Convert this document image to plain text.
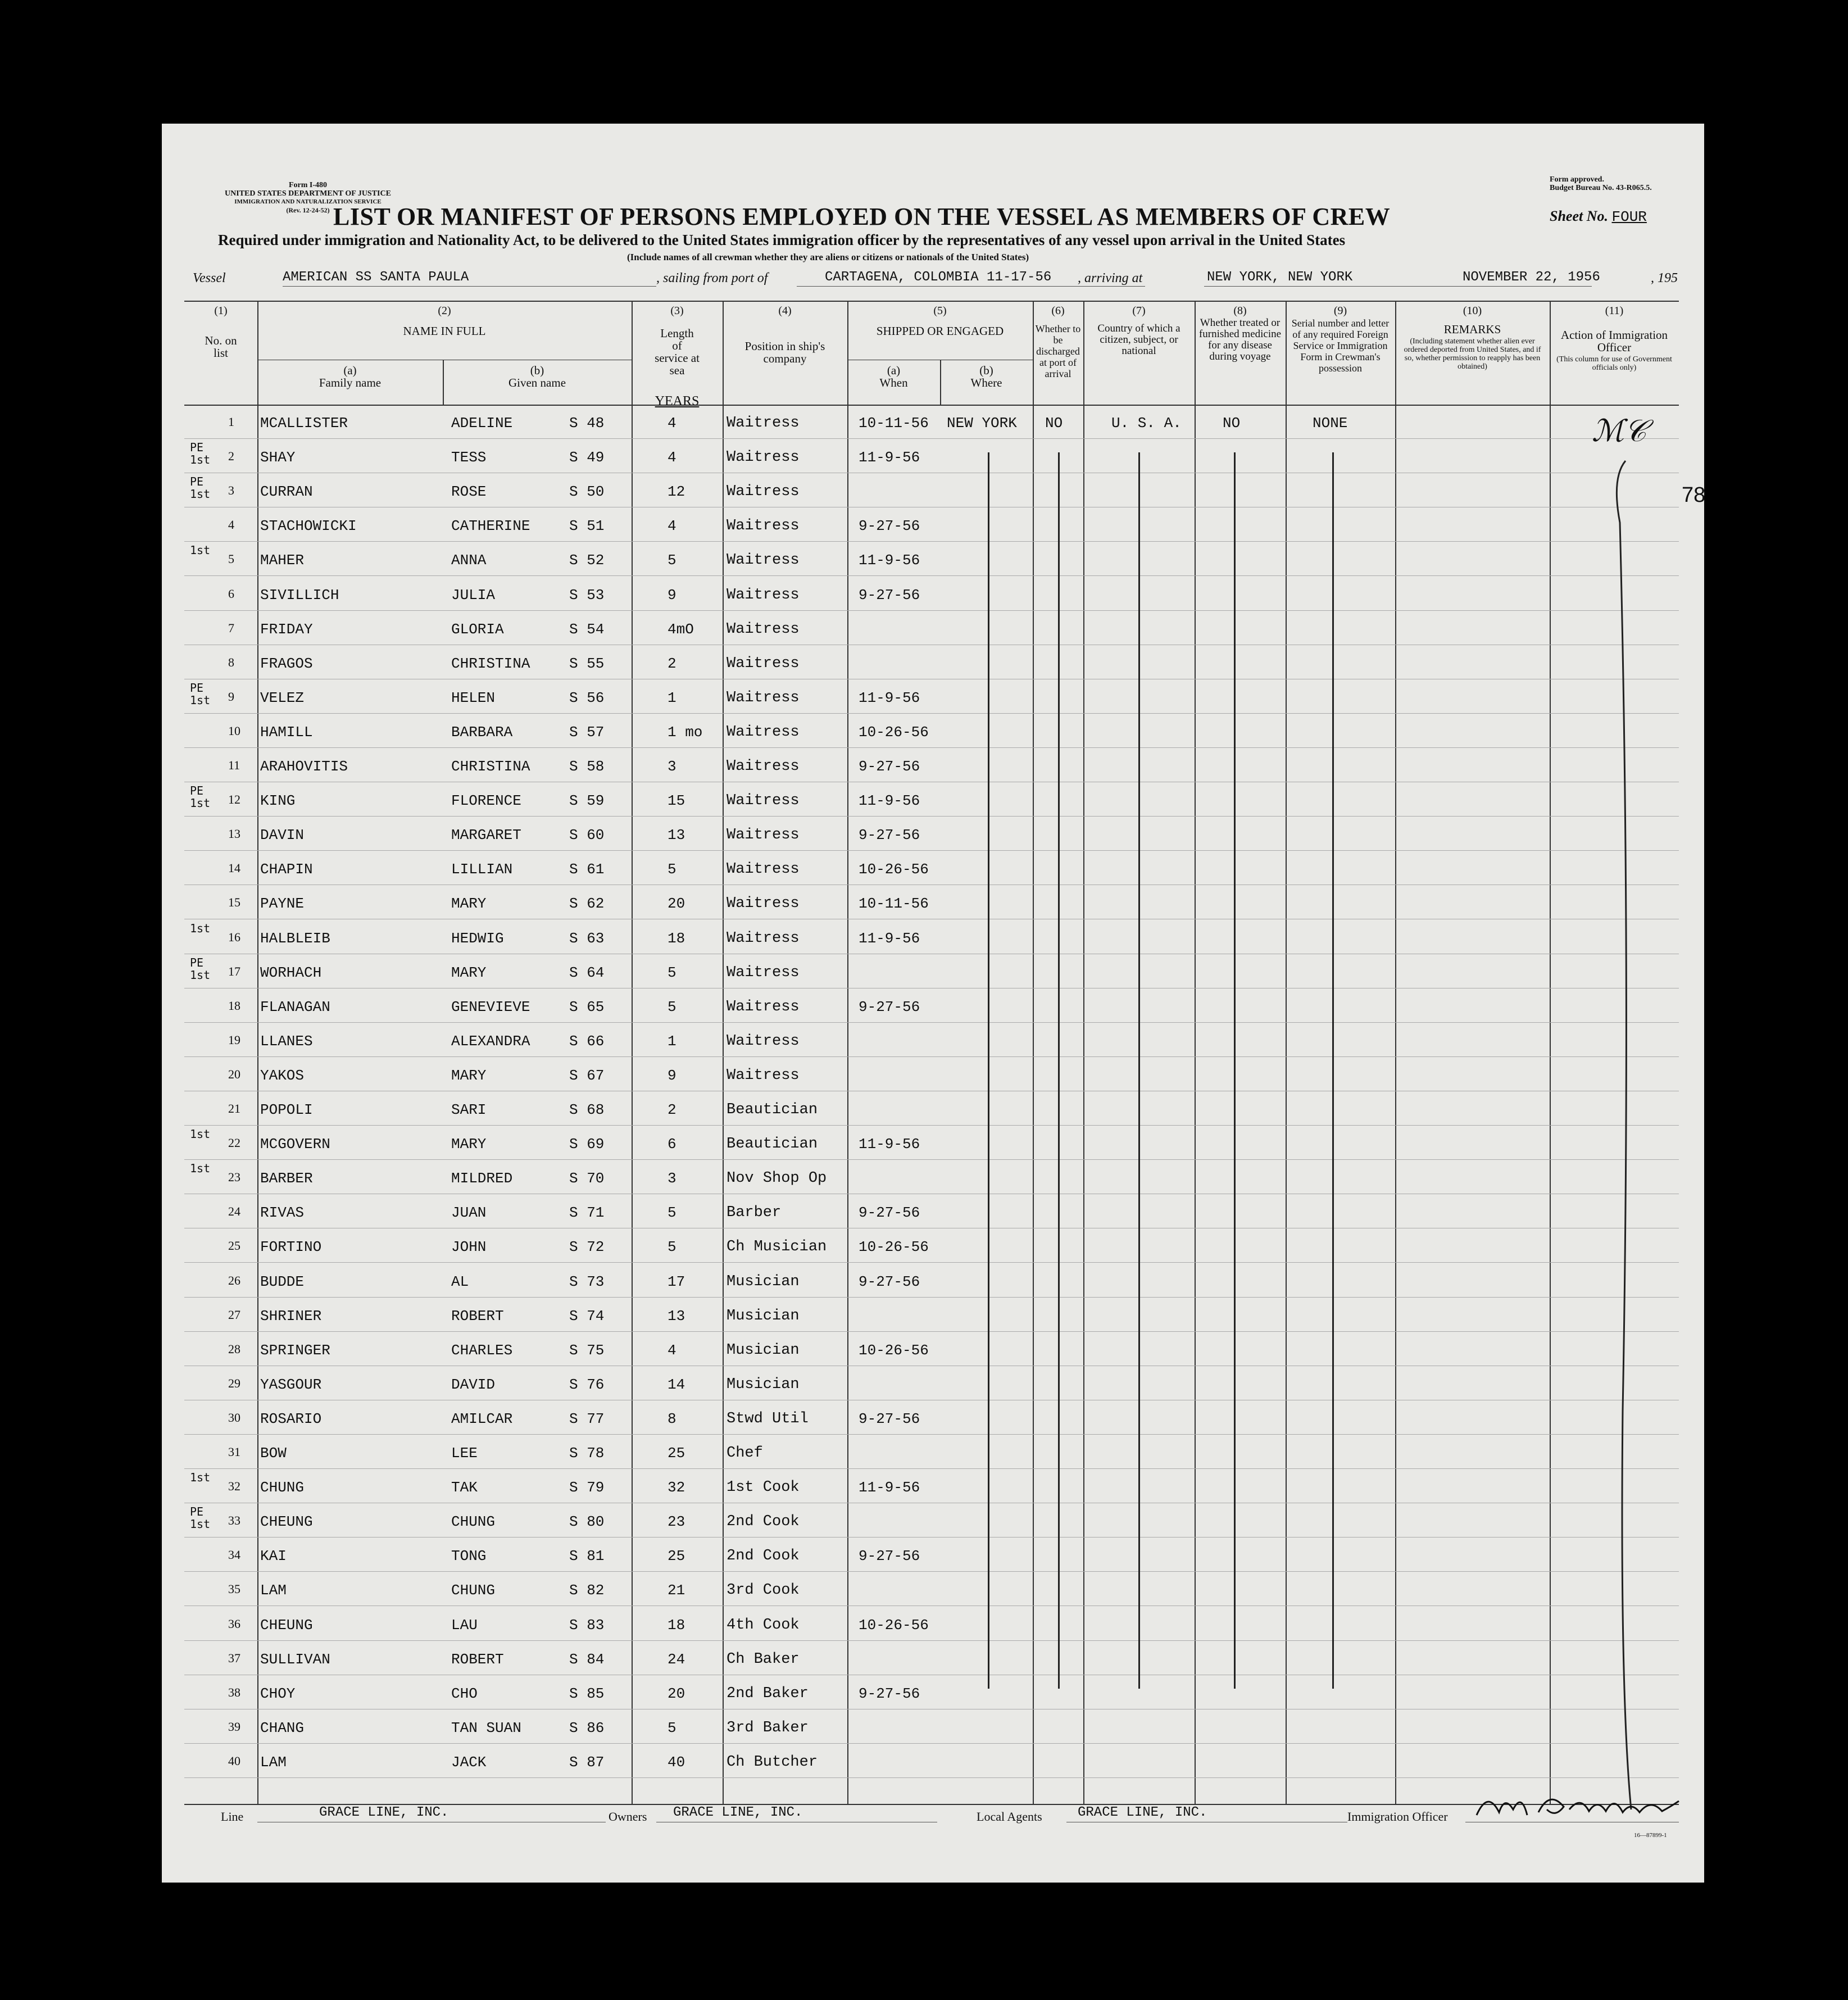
Form I-480
UNITED STATES DEPARTMENT OF JUSTICE
IMMIGRATION AND NATURALIZATION SERVICE
(Rev. 12-24-52)
Form approved.
Budget Bureau No. 43-R065.5.
LIST OR MANIFEST OF PERSONS EMPLOYED ON THE VESSEL AS MEMBERS OF CREW	Sheet No. FOUR
Required under immigration and Nationality Act, to be delivered to the United States immigration officer by the representatives of any vessel upon arrival in the United States
(Include names of all crewman whether they are aliens or citizens or nationals of the United States)
Vessel	AMERICAN SS SANTA PAULA	, sailing from port of	CARTAGENA, COLOMBIA 11-17-56 , arriving at	NEW YORK, NEW YORK	NOVEMBER 22, 1956	, 195
(1)
No. on list
(2)
NAME IN FULL
(a)
Family name
(b)
Given name
(3)
Length of service at sea
YEARS
(4)
Position in ship's company
(5)
SHIPPED OR ENGAGED
(a)
When
(b)
Where
(6)
Whether to be discharged at port of arrival
(7)
Country of which a citizen, subject, or national
(8)
Whether treated or furnished medicine for any disease during voyage
(9)
Serial number and letter of any required Foreign Service or Immigration Form in Crewman's possession
(10)
REMARKS
(Including statement whether alien ever ordered deported from United States, and if so, whether permission to reapply has been obtained)
(11)
Action of Immigration Officer
(This column for use of Government officials only)
1 MCALLISTER	ADELINE	S 48	4	Waitress	10-11-56 NEW YORK NO	U. S. A.	NO	NONE
PE 1st	2 SHAY	TESS	S 49	4	Waitress	11-9-56
PE 1st	3 CURRAN	ROSE	S 50	12	Waitress
4 STACHOWICKI	CATHERINE	S 51	4	Waitress	9-27-56
1st
5 MAHER	ANNA	S 52	5	Waitress	11-9-56
6 SIVILLICH	JULIA	S 53	9	Waitress	9-27-56
7 FRIDAY	GLORIA	S 54	4mO Waitress
8 FRAGOS	CHRISTINA	S 55	2	Waitress
PE 1st	9 VELEZ	HELEN	S 56	1	Waitress	11-9-56
10 HAMILL	BARBARA	S 57	1 mo Waitress	10-26-56
11 ARAHOVITIS	CHRISTINA	S 58	3	Waitress	9-27-56
PE 1st	12 KING	FLORENCE	S 59	15	Waitress	11-9-56
13 DAVIN	MARGARET	S 60	13	Waitress	9-27-56
14 CHAPIN	LILLIAN	S 61	5	Waitress	10-26-56
15 PAYNE	MARY	S 62	20	Waitress	10-11-56
1st
16 HALBLEIB	HEDWIG	S 63	18	Waitress	11-9-56
PE 1st	17 WORHACH	MARY	S 64	5	Waitress
18 FLANAGAN	GENEVIEVE	S 65	5	Waitress	9-27-56
19 LLANES	ALEXANDRA	S 66	1	Waitress
20 YAKOS	MARY	S 67	9	Waitress
21 POPOLI	SARI	S 68	2	Beautician
1st
22 MCGOVERN	MARY	S 69	6	Beautician	11-9-56
1st
23 BARBER	MILDRED	S 70	3	Nov Shop Op
24 RIVAS	JUAN	S 71	5	Barber	9-27-56
25 FORTINO	JOHN	S 72	5	Ch Musician 10-26-56
26 BUDDE	AL	S 73	17	Musician	9-27-56
27 SHRINER	ROBERT	S 74	13	Musician
28 SPRINGER	CHARLES	S 75	4	Musician	10-26-56
29 YASGOUR	DAVID	S 76	14	Musician
30 ROSARIO	AMILCAR	S 77	8	Stwd Util	9-27-56
31 BOW	LEE	S 78	25	Chef
1st
32 CHUNG	TAK	S 79	32	1st Cook	11-9-56
PE 1st	33 CHEUNG	CHUNG	S 80	23	2nd Cook
34 KAI	TONG	S 81	25	2nd Cook	9-27-56
35 LAM	CHUNG	S 82	21	3rd Cook
36 CHEUNG	LAU	S 83	18	4th Cook	10-26-56
37 SULLIVAN	ROBERT	S 84	24	Ch Baker
38 CHOY	CHO	S 85	20	2nd Baker	9-27-56
39 CHANG	TAN SUAN	S 86	5	3rd Baker
40 LAM	JACK	S 87	40	Ch Butcher
ℳ𝒞
78
Line	GRACE LINE, INC.	Owners GRACE LINE, INC.	Local Agents	GRACE LINE, INC.	Immigration Officer
16—87899-1
